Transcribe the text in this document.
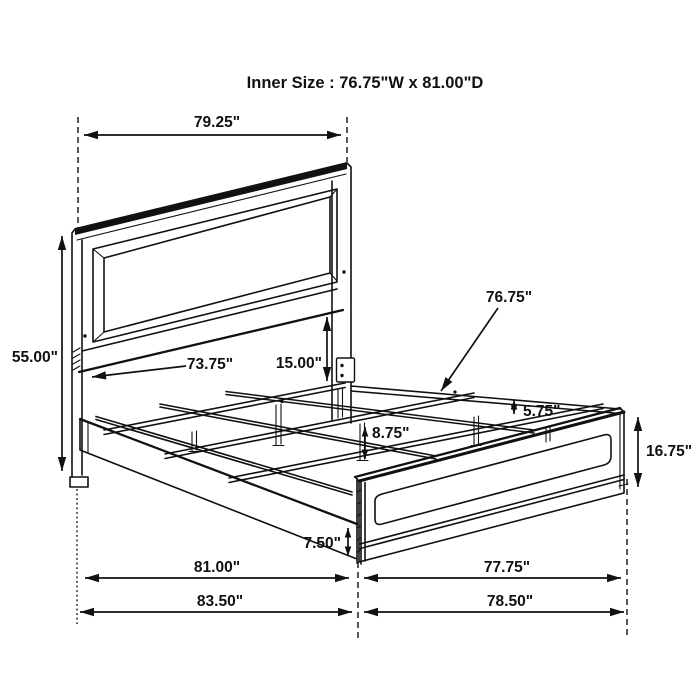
79.25"
55.00"	73.75"	15.00"
76.75"
5.75"
8.75"
16.75"
7.50"
81.00"	77.75"
83.50"	78.50"
Inner Size : 76.75"W x 81.00"D
